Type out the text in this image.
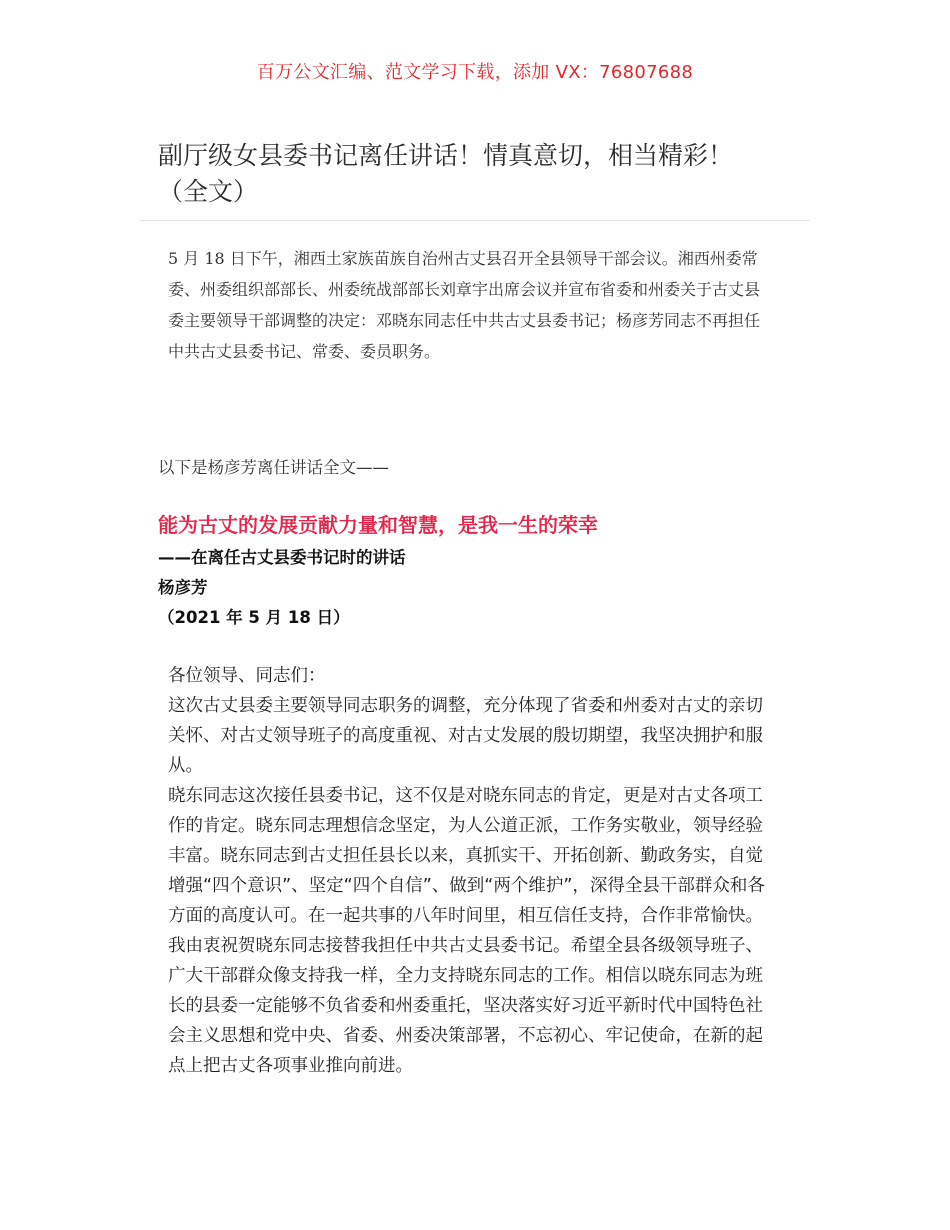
百万公文汇编、范文学习下载，添加 VX：76807688
副厅级女县委书记离任讲话！情真意切，相当精彩！
（全文）

5 月 18 日下午，湘西土家族苗族自治州古丈县召开全县领导干部会议。湘西州委常委、州委组织部部长、州委统战部部长刘章宇出席会议并宣布省委和州委关于古丈县委主要领导干部调整的决定：邓晓东同志任中共古丈县委书记；杨彦芳同志不再担任中共古丈县委书记、常委、委员职务。

以下是杨彦芳离任讲话全文——

能为古丈的发展贡献力量和智慧，是我一生的荣幸

——在离任古丈县委书记时的讲话

杨彦芳

（2021 年 5 月 18 日）

各位领导、同志们：

这次古丈县委主要领导同志职务的调整，充分体现了省委和州委对古丈的亲切关怀、对古丈领导班子的高度重视、对古丈发展的殷切期望，我坚决拥护和服从。

晓东同志这次接任县委书记，这不仅是对晓东同志的肯定，更是对古丈各项工作的肯定。晓东同志理想信念坚定，为人公道正派，工作务实敬业，领导经验丰富。晓东同志到古丈担任县长以来，真抓实干、开拓创新、勤政务实，自觉增强“四个意识”、坚定“四个自信”、做到“两个维护”，深得全县干部群众和各方面的高度认可。在一起共事的八年时间里，相互信任支持，合作非常愉快。我由衷祝贺晓东同志接替我担任中共古丈县委书记。希望全县各级领导班子、广大干部群众像支持我一样，全力支持晓东同志的工作。相信以晓东同志为班长的县委一定能够不负省委和州委重托，坚决落实好习近平新时代中国特色社会主义思想和党中央、省委、州委决策部署，不忘初心、牢记使命，在新的起点上把古丈各项事业推向前进。
